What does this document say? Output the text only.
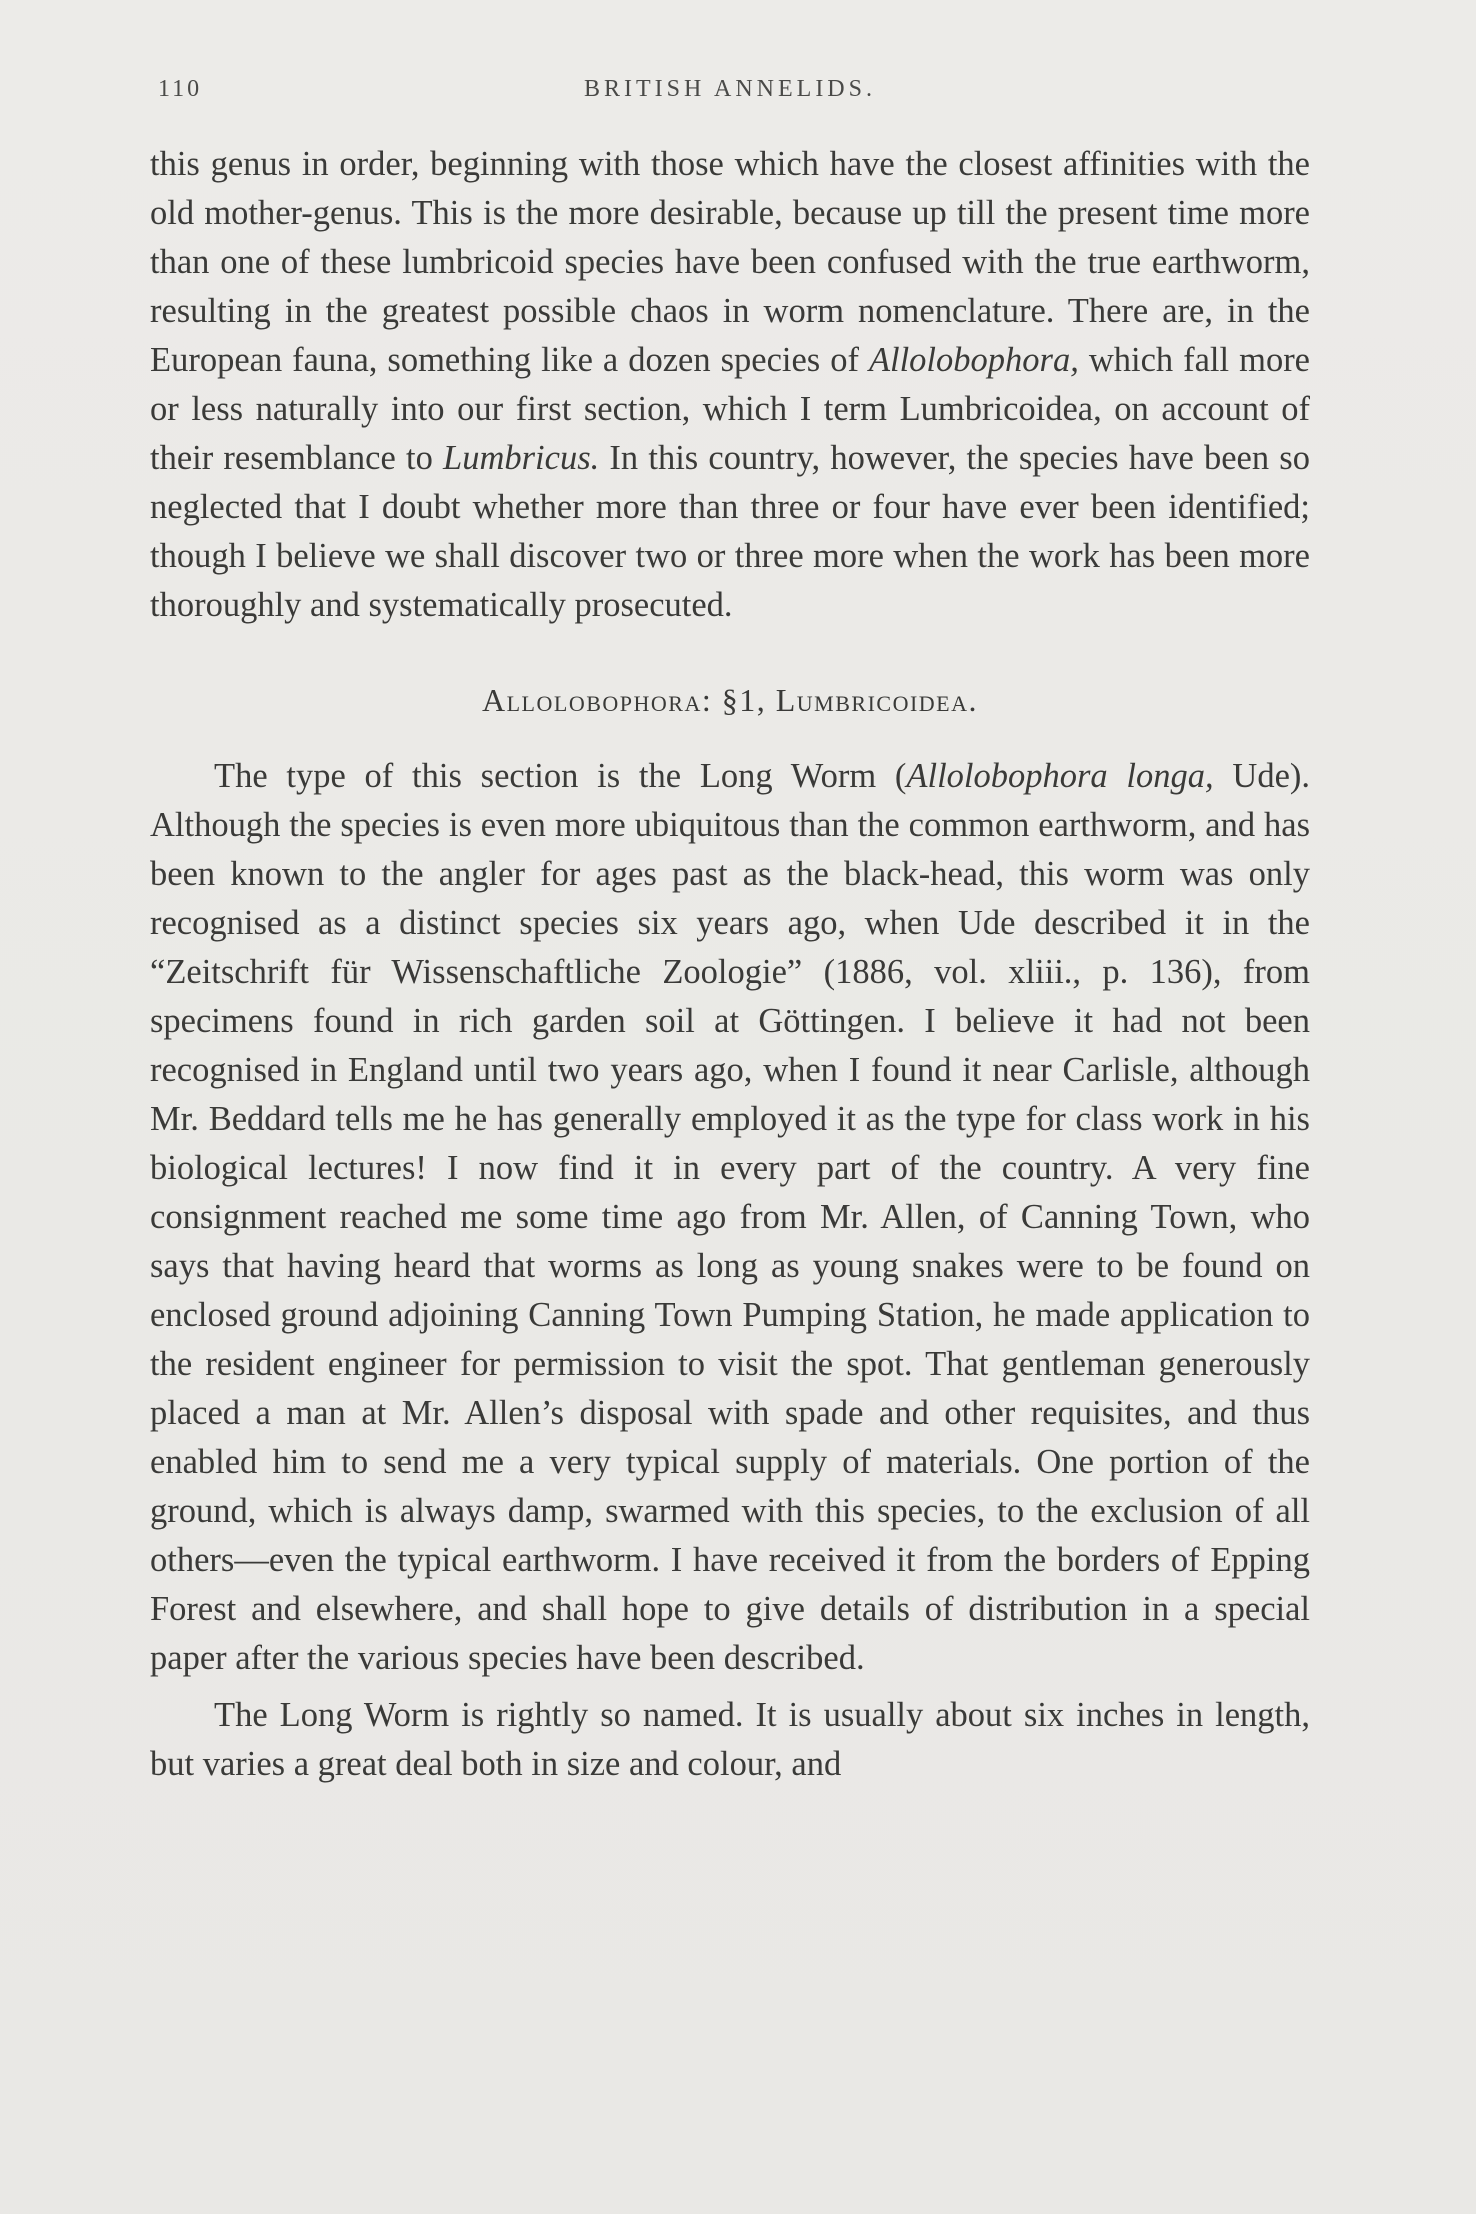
110	BRITISH ANNELIDS.

this genus in order, beginning with those which have the closest affinities with the old mother-genus. This is the more desirable, because up till the present time more than one of these lumbricoid species have been confused with the true earthworm, resulting in the greatest possible chaos in worm nomenclature. There are, in the European fauna, something like a dozen species of Allolobophora, which fall more or less naturally into our first section, which I term Lumbricoidea, on account of their resemblance to Lumbricus. In this country, however, the species have been so neglected that I doubt whether more than three or four have ever been identified; though I believe we shall discover two or three more when the work has been more thoroughly and systematically prosecuted.

Allolobophora: §1, Lumbricoidea.

The type of this section is the Long Worm (Allolobophora longa, Ude). Although the species is even more ubiquitous than the common earthworm, and has been known to the angler for ages past as the black-head, this worm was only recognised as a distinct species six years ago, when Ude described it in the “Zeitschrift für Wissenschaftliche Zoologie” (1886, vol. xliii., p. 136), from specimens found in rich garden soil at Göttingen. I believe it had not been recognised in England until two years ago, when I found it near Carlisle, although Mr. Beddard tells me he has generally employed it as the type for class work in his biological lectures! I now find it in every part of the country. A very fine consignment reached me some time ago from Mr. Allen, of Canning Town, who says that having heard that worms as long as young snakes were to be found on enclosed ground adjoining Canning Town Pumping Station, he made application to the resident engineer for permission to visit the spot. That gentleman generously placed a man at Mr. Allen’s disposal with spade and other requisites, and thus enabled him to send me a very typical supply of materials. One portion of the ground, which is always damp, swarmed with this species, to the exclusion of all others—even the typical earthworm. I have received it from the borders of Epping Forest and elsewhere, and shall hope to give details of distribution in a special paper after the various species have been described.

The Long Worm is rightly so named. It is usually about six inches in length, but varies a great deal both in size and colour, and
